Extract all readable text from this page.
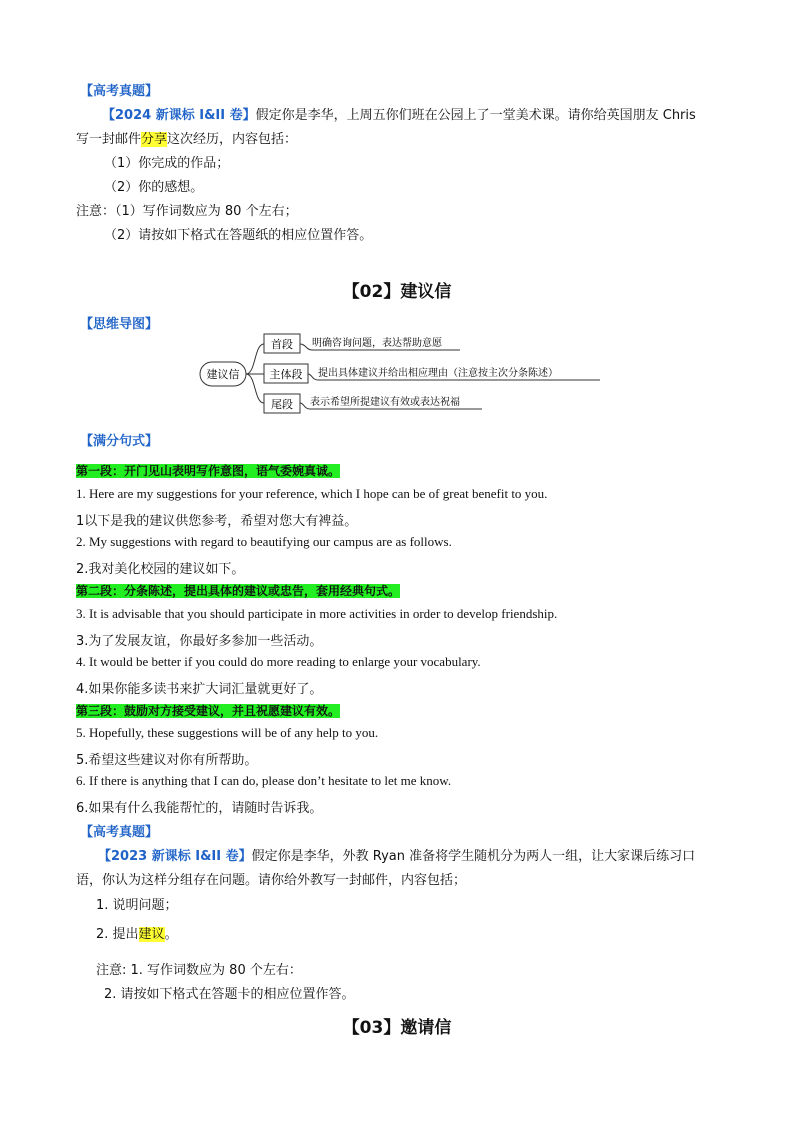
【高考真题】
【2024 新课标 I&II 卷】假定你是李华，上周五你们班在公园上了一堂美术课。请你给英国朋友 Chris
写一封邮件分享这次经历，内容包括：
（1）你完成的作品；
（2）你的感想。
注意：（1）写作词数应为 80 个左右；
（2）请按如下格式在答题纸的相应位置作答。
【02】建议信
【思维导图】
建议信
首段 明确咨询问题，表达帮助意愿
主体段 提出具体建议并给出相应理由（注意按主次分条陈述）
尾段 表示希望所提建议有效或表达祝福
【满分句式】
第一段：开门见山表明写作意图，语气委婉真诚。
1. Here are my suggestions for your reference, which I hope can be of great benefit to you.
1以下是我的建议供您参考，希望对您大有裨益。
2. My suggestions with regard to beautifying our campus are as follows.
2.我对美化校园的建议如下。
第二段：分条陈述，提出具体的建议或忠告，套用经典句式。
3. It is advisable that you should participate in more activities in order to develop friendship.
3.为了发展友谊，你最好多参加一些活动。
4. It would be better if you could do more reading to enlarge your vocabulary.
4.如果你能多读书来扩大词汇量就更好了。
第三段：鼓励对方接受建议，并且祝愿建议有效。
5. Hopefully, these suggestions will be of any help to you.
5.希望这些建议对你有所帮助。
6. If there is anything that I can do, please don’t hesitate to let me know.
6.如果有什么我能帮忙的，请随时告诉我。
【高考真题】
【2023 新课标 I&II 卷】假定你是李华，外教 Ryan 准备将学生随机分为两人一组，让大家课后练习口
语，你认为这样分组存在问题。请你给外教写一封邮件，内容包括；
1. 说明问题；
2. 提出建议。
注意: 1. 写作词数应为 80 个左右：
2. 请按如下格式在答题卡的相应位置作答。
【03】邀请信
